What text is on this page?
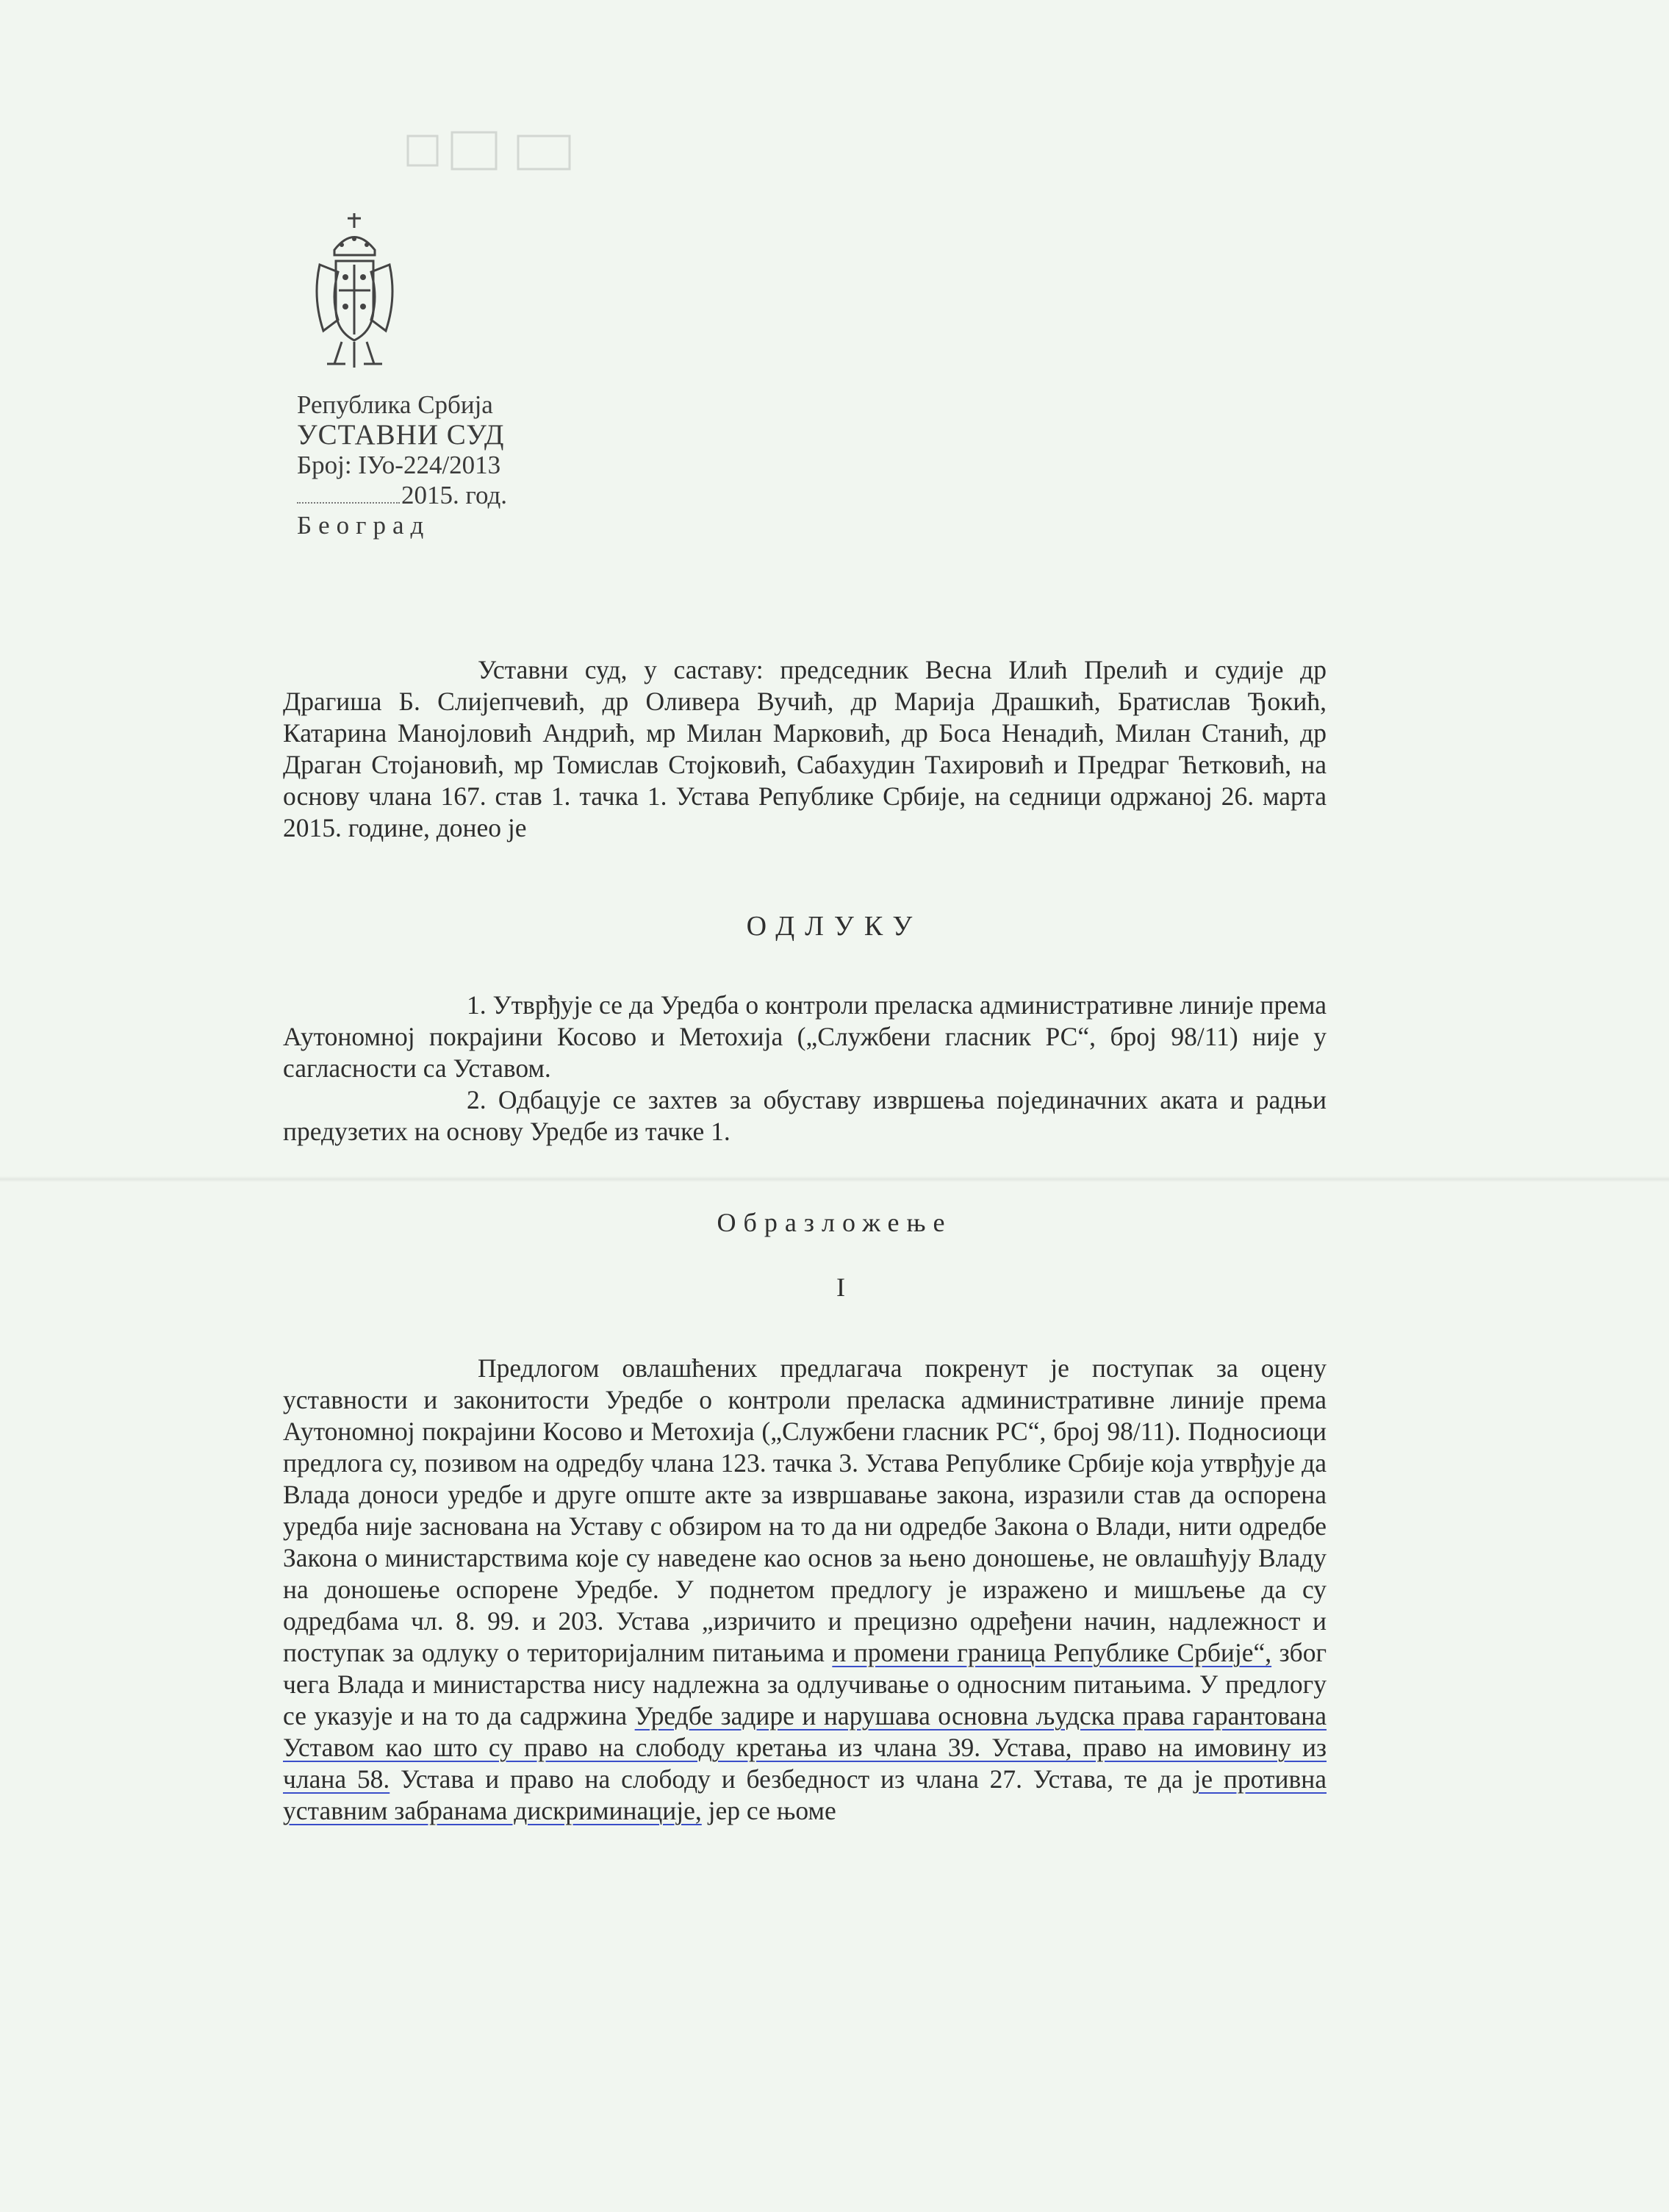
Република Србија
УСТАВНИ СУД
Број: IУо-224/2013
2015. год.
Београд

Уставни суд, у саставу: председник Весна Илић Прелић и судије др Драгиша Б. Слијепчевић, др Оливера Вучић, др Марија Драшкић, Братислав Ђокић, Катарина Манојловић Андрић, мр Милан Марковић, др Боса Ненадић, Милан Станић, др Драган Стојановић, мр Томислав Стојковић, Сабахудин Тахировић и Предраг Ћетковић, на основу члана 167. став 1. тачка 1. Устава Републике Србије, на седници одржаној 26. марта 2015. године, донео је

ОДЛУКУ

1. Утврђује се да Уредба о контроли преласка административне линије према Аутономној покрајини Косово и Метохија („Службени гласник РС“, број 98/11) није у сагласности са Уставом.

2. Одбацује се захтев за обуставу извршења појединачних аката и радњи предузетих на основу Уредбе из тачке 1.

Образложење
I

Предлогом овлашћених предлагача покренут је поступак за оцену уставности и законитости Уредбе о контроли преласка административне линије према Аутономној покрајини Косово и Метохија („Службени гласник РС“, број 98/11). Подносиоци предлога су, позивом на одредбу члана 123. тачка 3. Устава Републике Србије која утврђује да Влада доноси уредбе и друге опште акте за извршавање закона, изразили став да оспорена уредба није заснована на Уставу с обзиром на то да ни одредбе Закона о Влади, нити одредбе Закона о министарствима које су наведене као основ за њено доношење, не овлашћују Владу на доношење оспорене Уредбе. У поднетом предлогу је изражено и мишљење да су одредбама чл. 8. 99. и 203. Устава „изричито и прецизно одређени начин, надлежност и поступак за одлуку о територијалним питањима и промени граница Републике Србије“, због чега Влада и министарства нису надлежна за одлучивање о односним питањима. У предлогу се указује и на то да садржина Уредбе задире и нарушава основна људска права гарантована Уставом као што су право на слободу кретања из члана 39. Устава, право на имовину из члана 58. Устава и право на слободу и безбедност из члана 27. Устава, те да је противна уставним забранама дискриминације, јер се њоме
